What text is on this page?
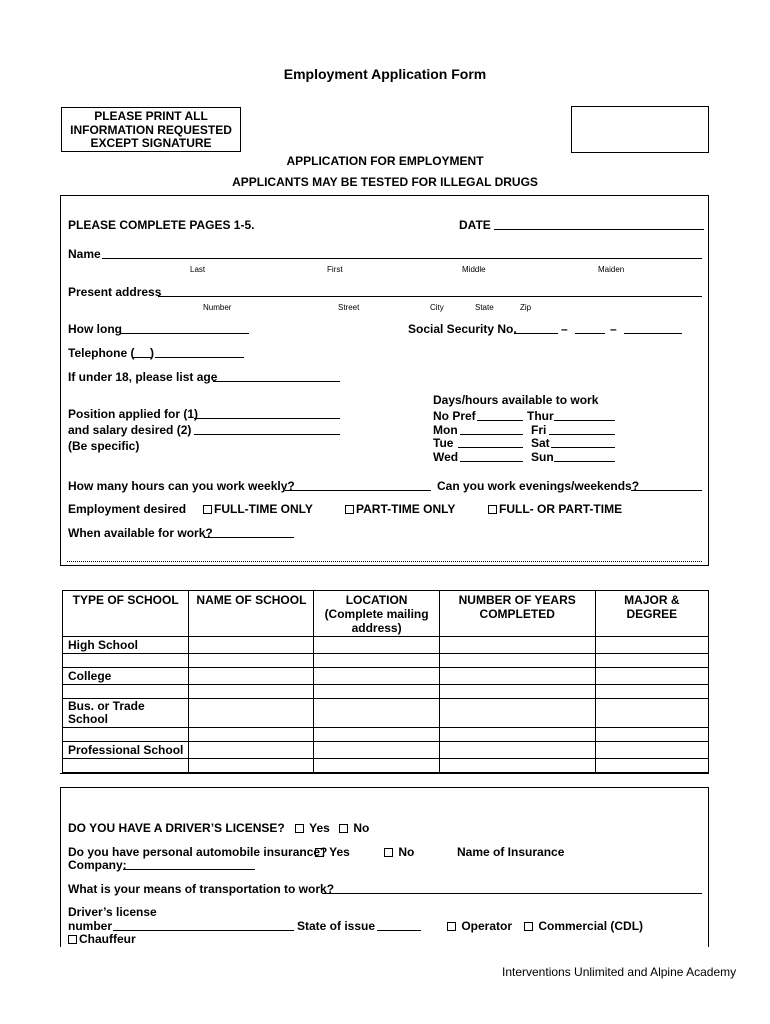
Employment Application Form
PLEASE PRINT ALL
INFORMATION REQUESTED
EXCEPT SIGNATURE
APPLICATION FOR EMPLOYMENT
APPLICANTS MAY BE TESTED FOR ILLEGAL DRUGS
PLEASE COMPLETE PAGES 1-5.	DATE
Name
Last	First	Middle	Maiden
Present address
Number	Street	City	State	Zip
How long	Social Security No.	–	–
Telephone ( )
If under 18, please list age
Days/hours available to work
No Pref	Thur
Mon	Fri
Tue	Sat
Wed	Sun
Position applied for (1)
and salary desired (2)
(Be specific)
How many hours can you work weekly?	Can you work evenings/weekends?
Employment desired	FULL-TIME ONLY	PART-TIME ONLY	FULL- OR PART-TIME
When available for work?
TYPE OF SCHOOL	NAME OF SCHOOL	LOCATION (Complete mailing address)	NUMBER OF YEARS COMPLETED	MAJOR & DEGREE
High School				

College				

Bus. or Trade School				

Professional School				

DO YOU HAVE A DRIVER’S LICENSE?	Yes	No
Do you have personal automobile insurance? Yes	No	Name of Insurance
Company:
What is your means of transportation to work?
Driver’s license
number	State of issue	Operator	Commercial (CDL)
Chauffeur
Interventions Unlimited and Alpine Academy
